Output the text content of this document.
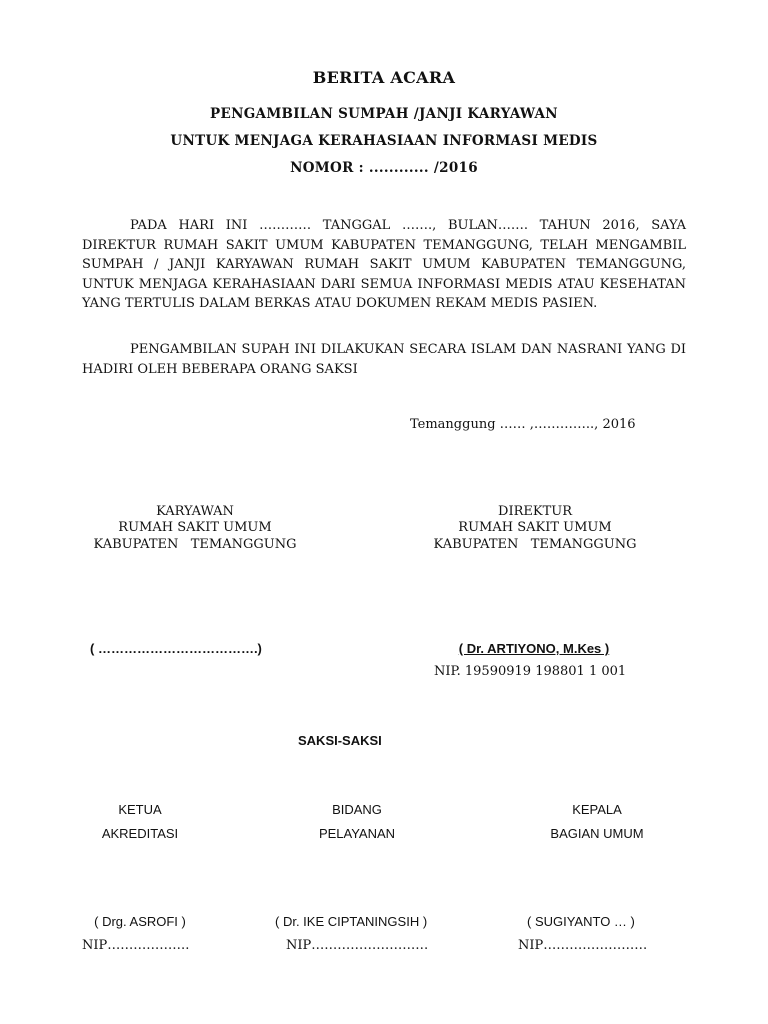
BERITA ACARA
PENGAMBILAN SUMPAH /JANJI KARYAWAN
UNTUK MENJAGA KERAHASIAAN INFORMASI MEDIS
NOMOR : ............ /2016
PADA HARI INI ………… TANGGAL ……., BULAN……. TAHUN 2016, SAYA DIREKTUR RUMAH SAKIT UMUM KABUPATEN TEMANGGUNG, TELAH MENGAMBIL SUMPAH / JANJI KARYAWAN RUMAH SAKIT UMUM KABUPATEN TEMANGGUNG, UNTUK MENJAGA KERAHASIAAN DARI SEMUA INFORMASI MEDIS ATAU KESEHATAN YANG TERTULIS DALAM BERKAS ATAU DOKUMEN REKAM MEDIS PASIEN.
PENGAMBILAN SUPAH INI DILAKUKAN SECARA ISLAM DAN NASRANI YANG DI HADIRI OLEH BEBERAPA ORANG SAKSI
Temanggung …… ,………….., 2016
KARYAWAN
RUMAH SAKIT UMUM
KABUPATEN   TEMANGGUNG
( ……………………………….)
DIREKTUR
RUMAH SAKIT UMUM
KABUPATEN   TEMANGGUNG
( Dr. ARTIYONO, M.Kes )
NIP. 19590919 198801 1 001
SAKSI-SAKSI
KETUA
AKREDITASI
( Drg. ASROFI )
NIP……………….
BIDANG
PELAYANAN
( Dr. IKE CIPTANINGSIH )
NIP………………………
KEPALA
BAGIAN UMUM
( SUGIYANTO … )
NIP……………………
